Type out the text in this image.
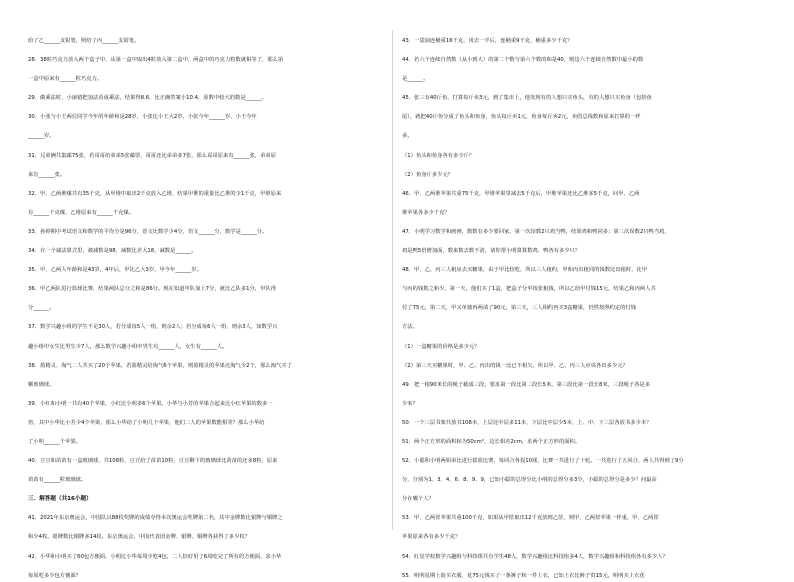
给了乙______支铅笔，照给了丙______支铅笔。

28．38粒巧克力放入两个盒子中，从第一盒中取出4粒放入第二盒中，两盒中的巧克力粒数就相等了，那么第

一盒中原来有______粒巧克力。

29．做乘法时，小丽错把加法看成乘法，结果得8.6，比正确答案小10.4，原数中较大的数是______。

30．小张与小王两位同学今年的年龄和是28岁，小张比小王大2岁，小张今年______岁，小王今年

______岁。

31．兄弟俩共集邮75张，若哥哥给弟弟5张邮票，哥哥还比弟弟多7张，那么哥哥原来有______张，弟弟原

来有______张。

32．甲、乙两堆煤共有35千克，从甲堆中取出2千克放入乙堆，结果甲堆的重量比乙堆的少1千克，甲堆原来

有______千克煤，乙堆原来有______千克煤。

33．孙婷期中考试语文和数学的平均分是96分，语文比数学少4分，语文______分，数学是______分。

34．在一个减法算式里，被减数是98，减数比差大18，减数是______。

35．甲、乙两人年龄和是43岁，4年后，甲比乙大3岁，甲今年______岁。

36．甲乙两队进行篮球比赛，结果两队总分之和是86分。现在知道甲队加上7分，就比乙队多1分，甲队得

分______。

37．数学兴趣小组的学生不足30人，若分成每5人一组，则余2人；若分成每6人一组，则余3人，如数学兴

趣小组中女生比男生少7人，那么数学兴趣小组中男生有______人，女生有______人。

38．篮精灵、淘气二人共买了20个苹果，若篮精灵给淘气6个苹果，则篮精灵的苹果比淘气少2个，那么淘气买了

颗玻璃球。

39．小红和小明一共有40个苹果，小红比小明多6个苹果。小华与小芳的苹果合起来比小红苹果的数多一

倍，其中小华比小芳少4个苹果，那么小华给了小明几个苹果，他们二人的苹果数能相等？那么小华给

了小明______个苹果。

40．豆豆和苗苗有一盒玻璃球，共108粒，豆豆给了苗苗10粒，豆豆剩下的玻璃球比苗苗的还多8粒，原来

苗苗有______粒玻璃球。

三．解答题（共16小题）

41．2021年东京奥运会，中国队以88枚奖牌的成绩夺得本次奥运会奖牌第二名，其中金牌数比银牌与铜牌之

和少4枚，银牌数比铜牌多14枚，东京奥运会，中国代表团金牌、银牌、铜牌各获得了多少枚？

42．小华和小明买了60包方便面，小明比小华每周少吃4包，二人恰好用了6周吃完了所有的方便面，求小华

每周吃多少包方便面？

43．一袋油连桶重16千克，用去一半后，连桶重9千克，桶重多少千克？

44．若六个连续自然数（从小到大）的第二个数与第六个数的和是40，则这六个连续自然数中最小的数

是______。

45．张三有40斤鱼，打算每斤卖3元，到了集市上，他发现有的人想只买鱼头，有的人想只买鱼身（包括鱼

尾），就把40斤鱼分成了鱼头和鱼身，鱼头每斤卖1元，鱼身每斤卖2元，卖的总钱数和原来打算的一样

多。

（1）鱼头和鱼身各有多少斤？

（2）鱼身斤多少元？

46．甲、乙两堆苹果共重75千克，甲堆苹果里减去5千克后，甲堆苹果还比乙堆多5千克，问甲、乙两

堆苹果各多少千克？

47．小明学习数学和画画，数数有多少要回家，第一次误数2只鸡当鸭，结果鸡和鸭同多；第二次误数2只鸭当鸡，

鸡是鸭5倍增加面，数来数去数不清，请你帮小明算算数鸡、鸭各有多少只？

48．甲、乙、丙三人租房去买糖果，由于甲比较吃，所以三人租约，甲和丙出租同的钱数比出租时，比甲

与丙的钱数之和少。第一天，他们买了1盒，把盒子分甲按张租钱，所以乙给甲付钱15元，结果乙和丙两人共

付了75元，第二天，甲又单独再两请了90元，第三天，三人相约再买3盒糖果，仍然按照约定的付钱

方法。

（1）一盒糖果的价格是多少元？

（2）第三天买糖果时，甲、乙、丙出的钱一比已不相欠，所以甲、乙、丙三人应该各出多少元？

49．把一根90米长的绳子截成三段，要求第一段比第二段长5米，第三段比第一段长8米，三段绳子各是多

少米？

50．一个三层书架共放书108本，上层比中层多11本，下层比中层少5本，上、中、下三层各放书多少本？

51．两个正方形的面积和为50cm²，边长相差2cm，求两个正方形的面积。

52．小聪和小明两姐弟比进行拔篮比赛，每回合各投10球，比赛一共进行了十轮。一共进行了五回合，两人共得到了9分

分，分别为1、3、4、6、8、9、9，已知小聪的总得分比小明的总得分多3分，小聪的总得分是多少？问最高

分在哪个人？

53．甲、乙两筐苹果共重100千克，如果从甲筐取出12千克放到乙筐，则甲、乙两筐苹果一样重，甲、乙两筐

苹果原来各有多少千克？

54．红星学校数学兴趣组与科技组共有学生48人，数学兴趣组比科技组多4人，数学兴趣组和科技组各有多少人？

55．明明星期上街买衣服，花75元钱买了一条裤子和一件上衣，已知上衣比裤子贵15元，明明买上衣花
